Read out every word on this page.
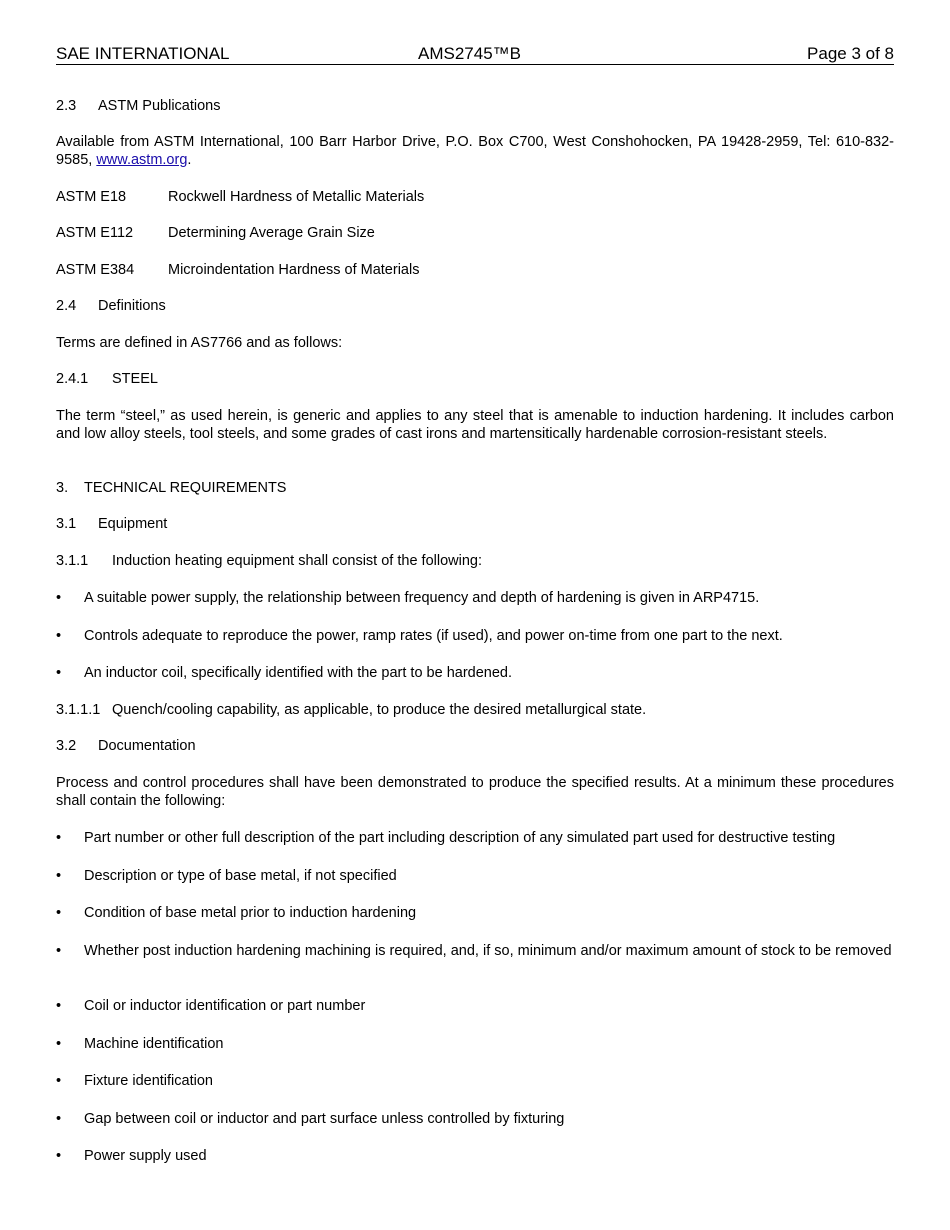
SAE INTERNATIONAL	AMS2745™B	Page 3 of 8
2.3 ASTM Publications
Available from ASTM International, 100 Barr Harbor Drive, P.O. Box C700, West Conshohocken, PA 19428-2959, Tel: 610-832-9585, www.astm.org.
ASTM E18	Rockwell Hardness of Metallic Materials
ASTM E112 Determining Average Grain Size
ASTM E384 Microindentation Hardness of Materials
2.4 Definitions
Terms are defined in AS7766 and as follows:
2.4.1 STEEL
The term “steel,” as used herein, is generic and applies to any steel that is amenable to induction hardening. It includes carbon and low alloy steels, tool steels, and some grades of cast irons and martensitically hardenable corrosion-resistant steels.
3. TECHNICAL REQUIREMENTS
3.1 Equipment
3.1.1 Induction heating equipment shall consist of the following:
• A suitable power supply, the relationship between frequency and depth of hardening is given in ARP4715.
• Controls adequate to reproduce the power, ramp rates (if used), and power on-time from one part to the next.
• An inductor coil, specifically identified with the part to be hardened.
3.1.1.1 Quench/cooling capability, as applicable, to produce the desired metallurgical state.
3.2 Documentation
Process and control procedures shall have been demonstrated to produce the specified results. At a minimum these procedures shall contain the following:
• Part number or other full description of the part including description of any simulated part used for destructive testing
• Description or type of base metal, if not specified
• Condition of base metal prior to induction hardening
• Whether post induction hardening machining is required, and, if so, minimum and/or maximum amount of stock to be removed
• Coil or inductor identification or part number
• Machine identification
• Fixture identification
• Gap between coil or inductor and part surface unless controlled by fixturing
• Power supply used
